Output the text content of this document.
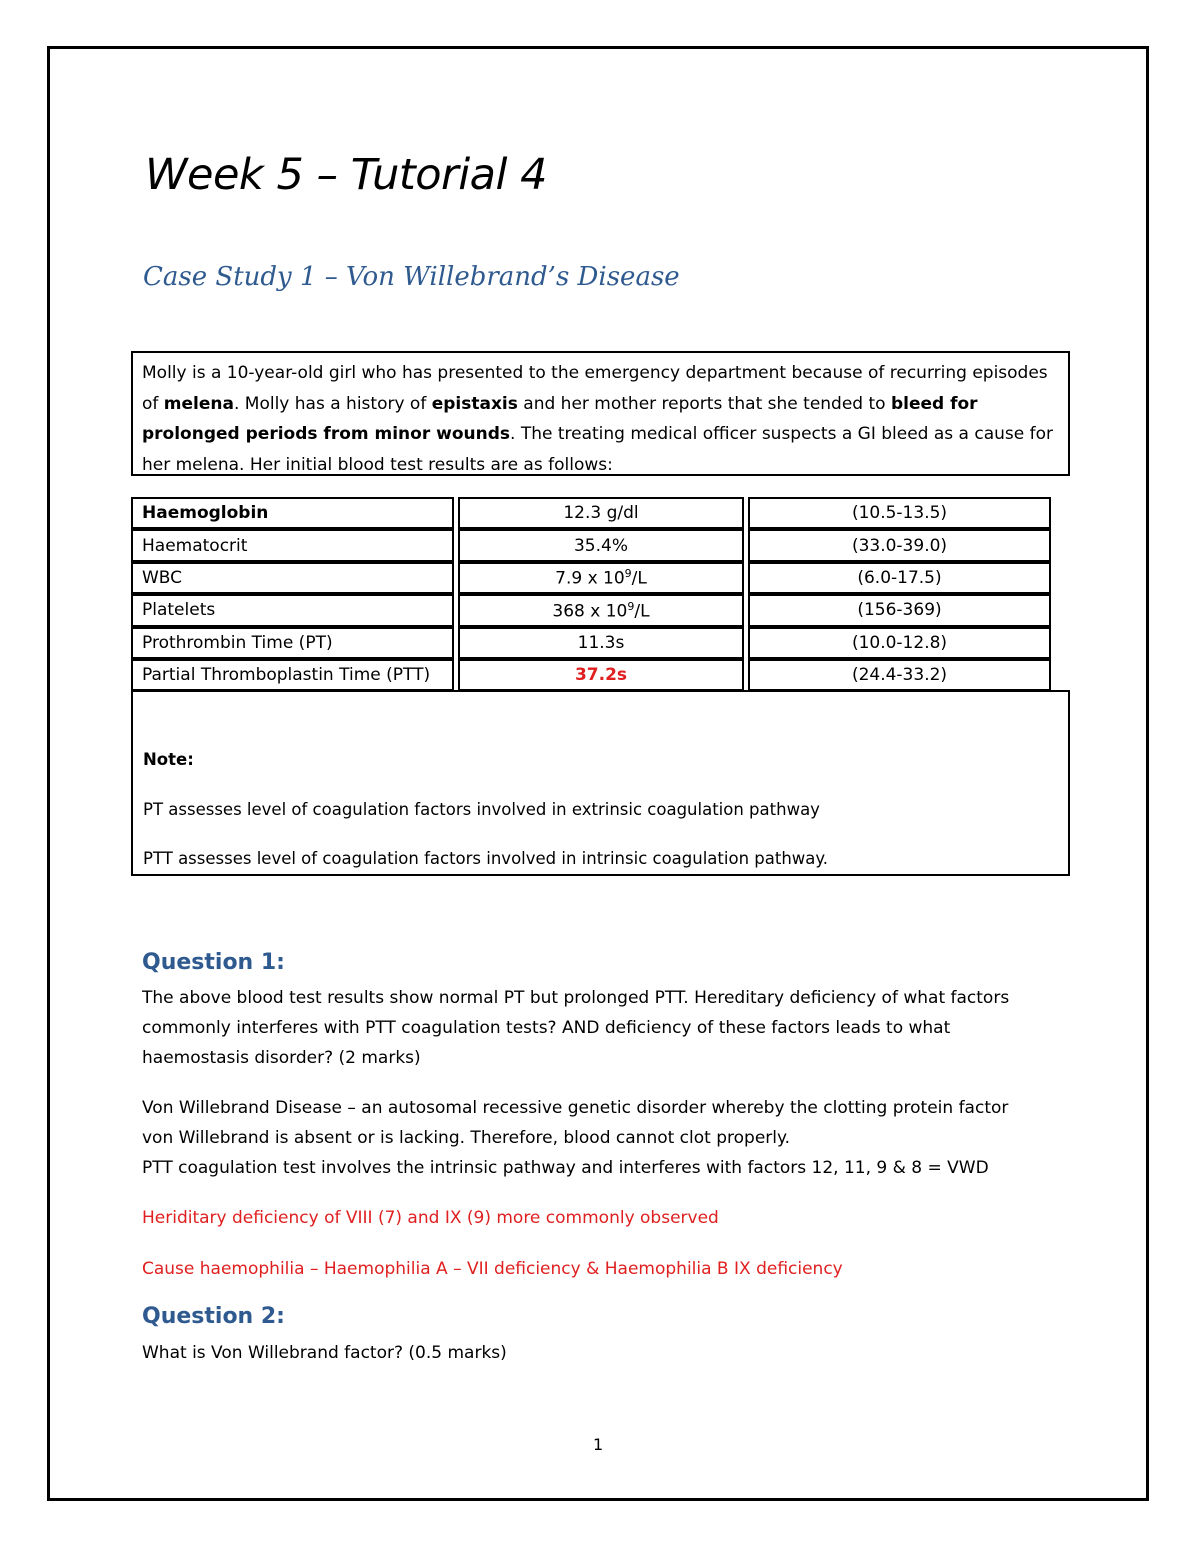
Week 5 – Tutorial 4
Case Study 1 – Von Willebrand’s Disease
Molly is a 10-year-old girl who has presented to the emergency department because of recurring episodes of melena. Molly has a history of epistaxis and her mother reports that she tended to bleed for prolonged periods from minor wounds. The treating medical officer suspects a GI bleed as a cause for her melena. Her initial blood test results are as follows:
Haemoglobin		12.3 g/dl		(10.5-13.5)
Haematocrit		35.4%		(33.0-39.0)
WBC		7.9 x $10^9/L$		(6.0-17.5)
Platelets		368 x $10^9/L$		(156-369)
Prothrombin Time (PT)		11.3s		(10.0-12.8)
Partial Thromboplastin Time (PTT)		37.2s		(24.4-33.2)
Note:
PT assesses level of coagulation factors involved in extrinsic coagulation pathway
PTT assesses level of coagulation factors involved in intrinsic coagulation pathway.
Question 1:
The above blood test results show normal PT but prolonged PTT. Hereditary deficiency of what factors
commonly interferes with PTT coagulation tests? AND deficiency of these factors leads to what
haemostasis disorder? (2 marks)
Von Willebrand Disease – an autosomal recessive genetic disorder whereby the clotting protein factor
von Willebrand is absent or is lacking. Therefore, blood cannot clot properly.
PTT coagulation test involves the intrinsic pathway and interferes with factors 12, 11, 9 & 8 = VWD
Heriditary deficiency of VIII (7) and IX (9) more commonly observed
Cause haemophilia – Haemophilia A – VII deficiency & Haemophilia B IX deficiency
Question 2:
What is Von Willebrand factor? (0.5 marks)
1
